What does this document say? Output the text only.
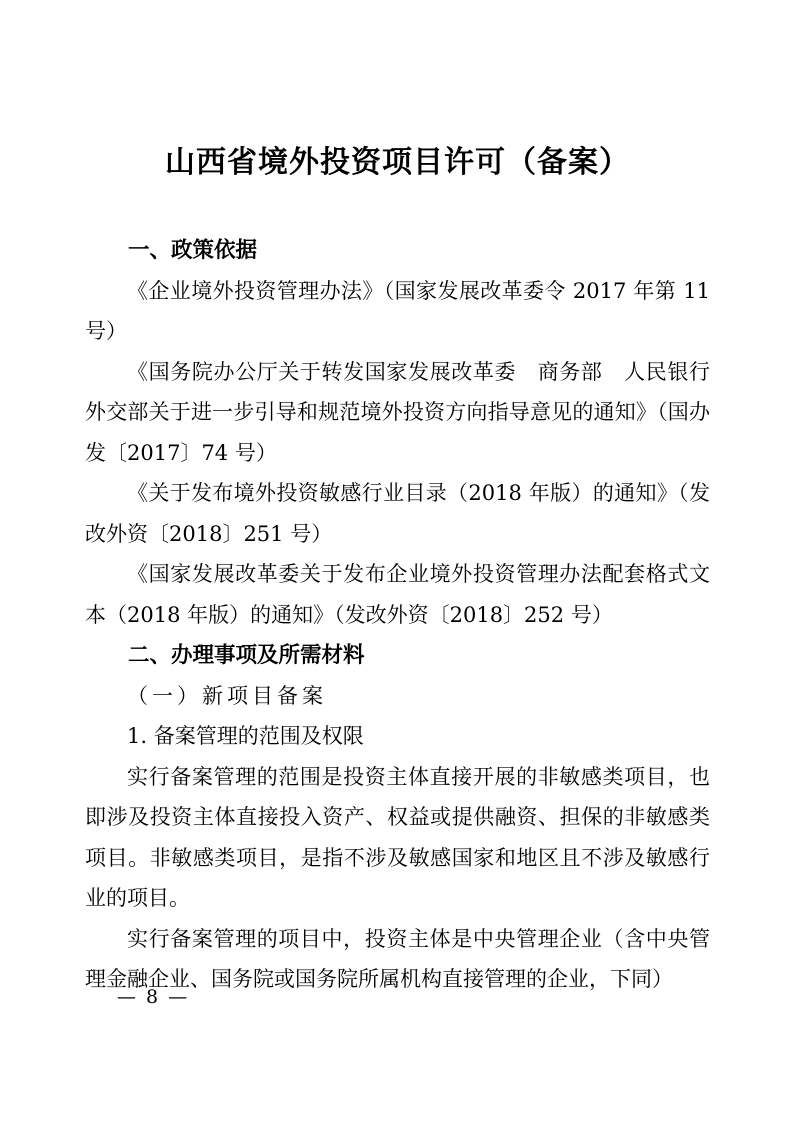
山西省境外投资项目许可（备案）
一、政策依据

《企业境外投资管理办法》（国家发展改革委令 2017 年第 11 号）

《国务院办公厅关于转发国家发展改革委　商务部　人民银行　外交部关于进一步引导和规范境外投资方向指导意见的通知》（国办发〔2017〕74 号）

《关于发布境外投资敏感行业目录（2018 年版）的通知》（发改外资〔2018〕251 号）

《国家发展改革委关于发布企业境外投资管理办法配套格式文本（2018 年版）的通知》（发改外资〔2018〕252 号）

二、办理事项及所需材料
（一）新项目备案

1. 备案管理的范围及权限

实行备案管理的范围是投资主体直接开展的非敏感类项目，也即涉及投资主体直接投入资产、权益或提供融资、担保的非敏感类项目。非敏感类项目，是指不涉及敏感国家和地区且不涉及敏感行业的项目。

实行备案管理的项目中，投资主体是中央管理企业（含中央管理金融企业、国务院或国务院所属机构直接管理的企业，下同）

— 8 —
